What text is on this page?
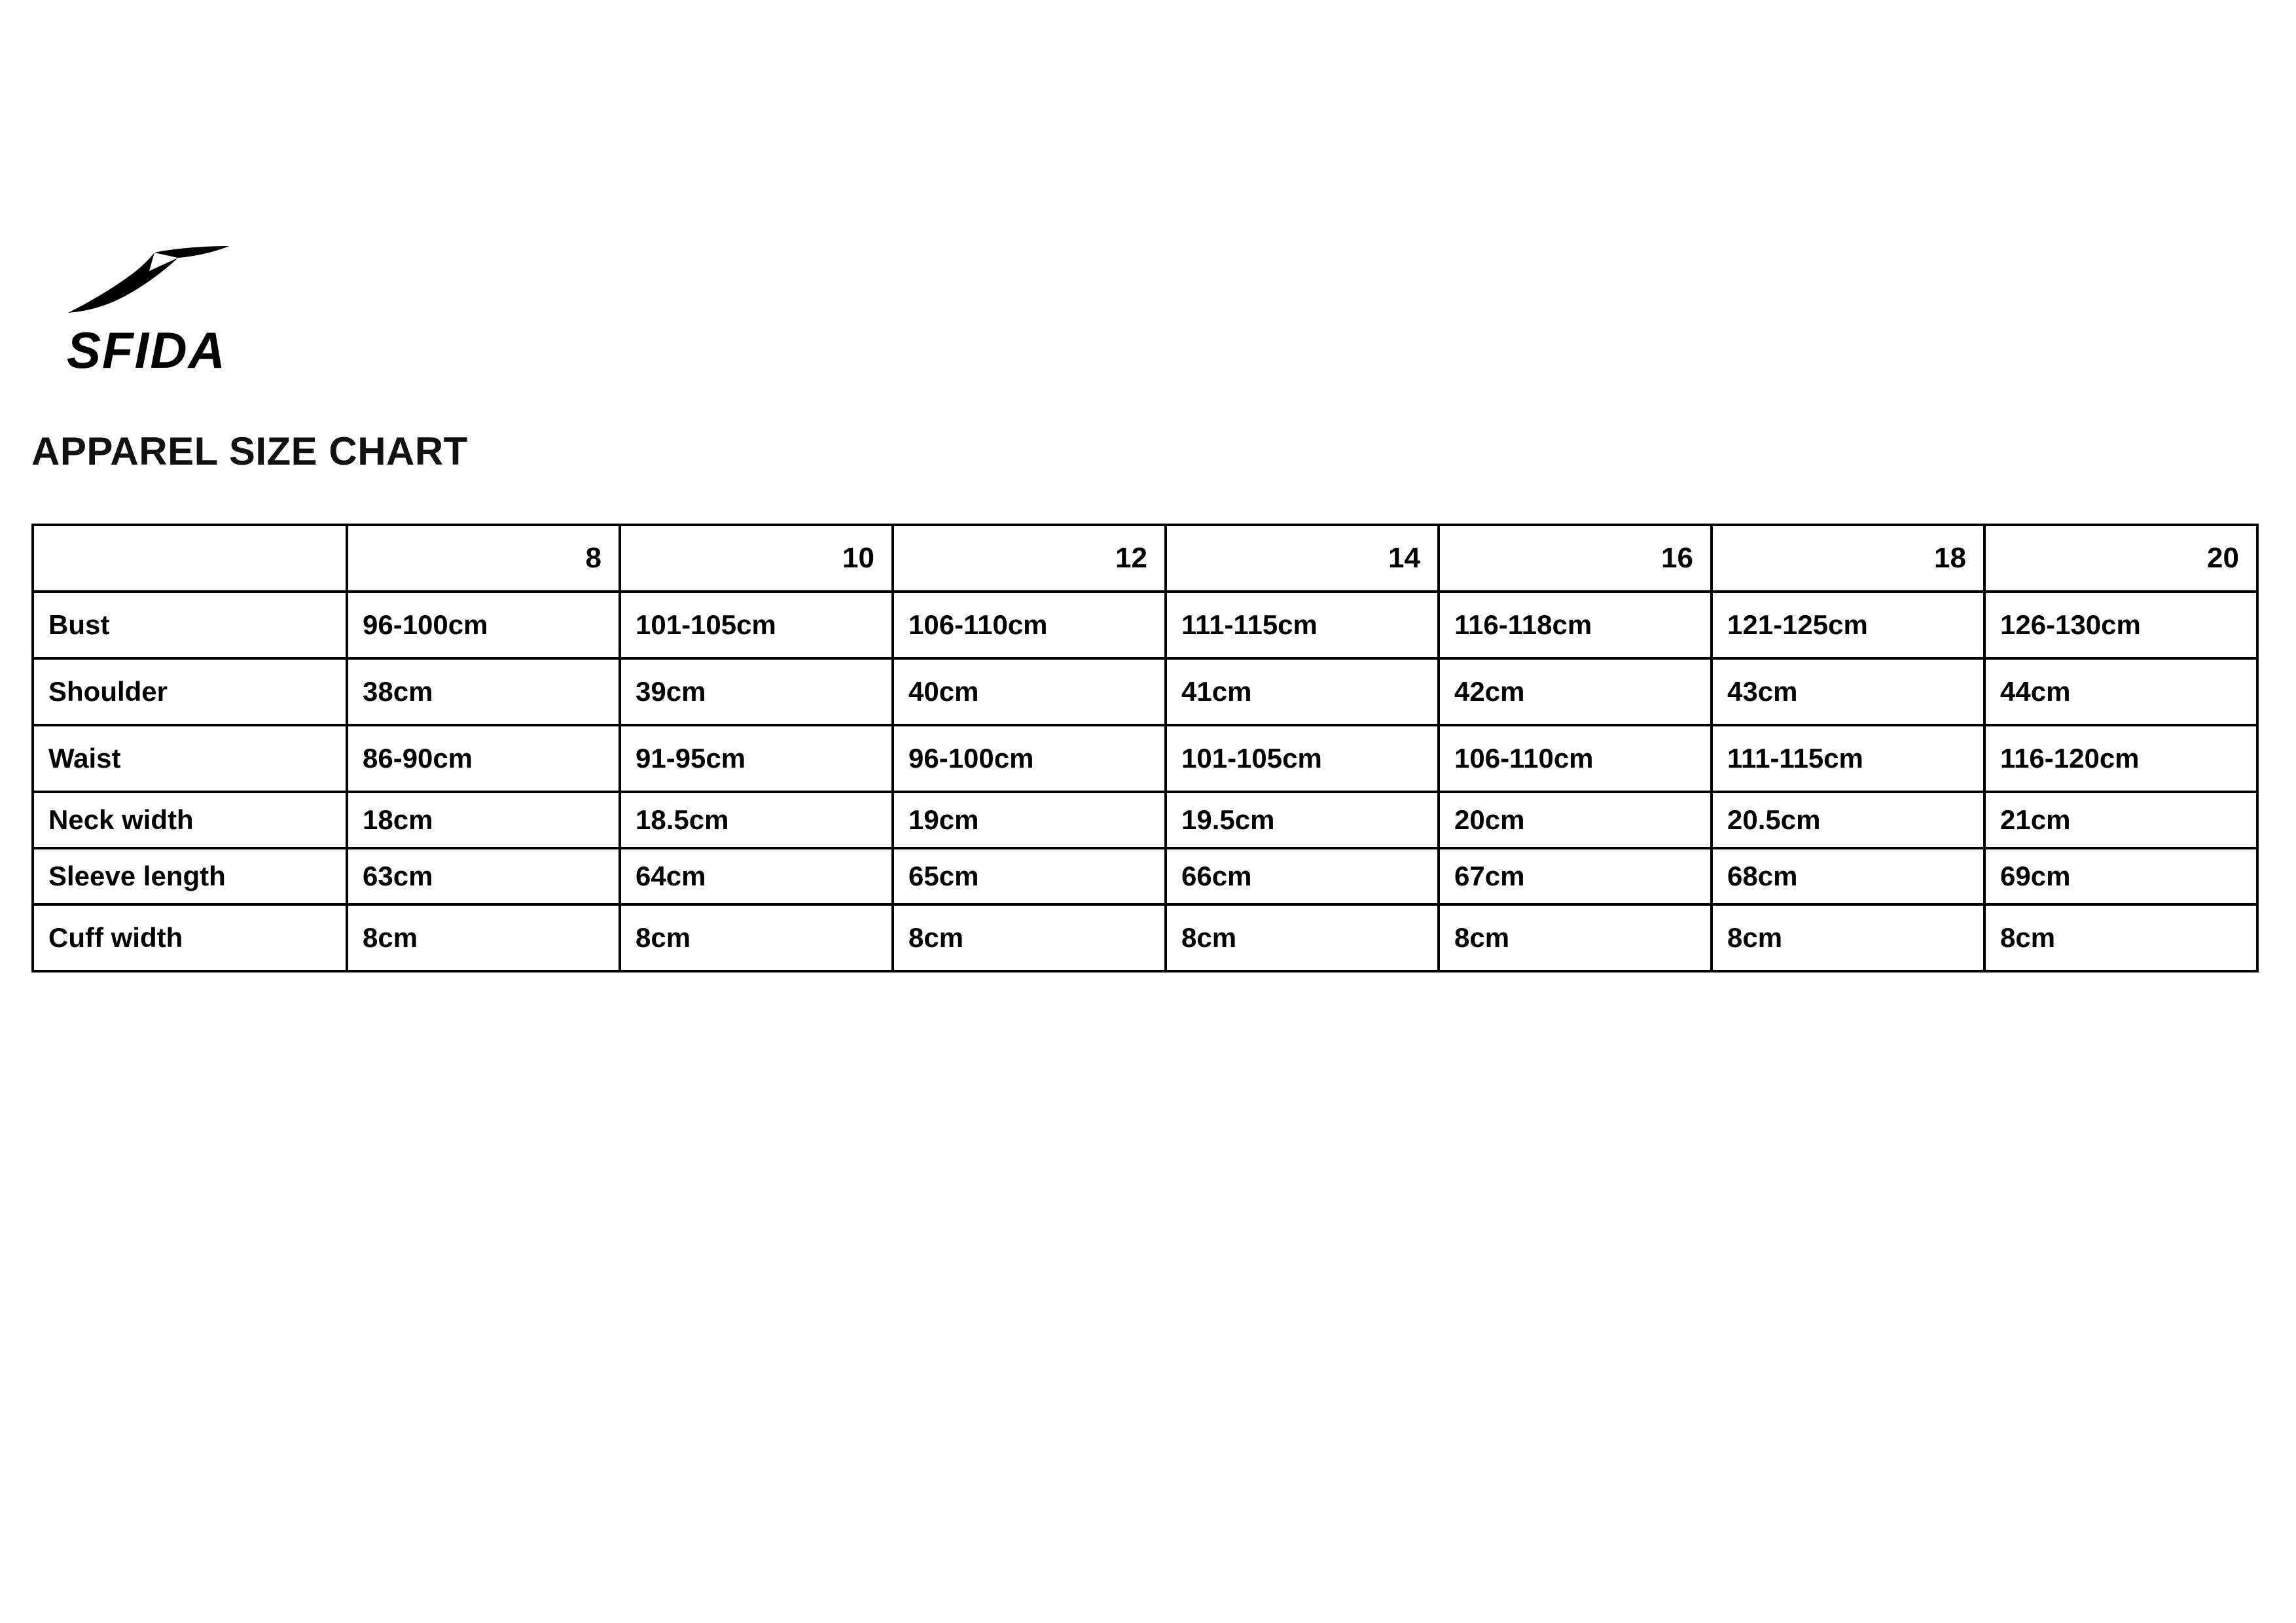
SFIDA
APPAREL SIZE CHART
	8	10	12	14	16	18	20
Bust	96-100cm	101-105cm	106-110cm	111-115cm	116-118cm	121-125cm	126-130cm
Shoulder	38cm	39cm	40cm	41cm	42cm	43cm	44cm
Waist	86-90cm	91-95cm	96-100cm	101-105cm	106-110cm	111-115cm	116-120cm
Neck width	18cm	18.5cm	19cm	19.5cm	20cm	20.5cm	21cm
Sleeve length	63cm	64cm	65cm	66cm	67cm	68cm	69cm
Cuff width	8cm	8cm	8cm	8cm	8cm	8cm	8cm
